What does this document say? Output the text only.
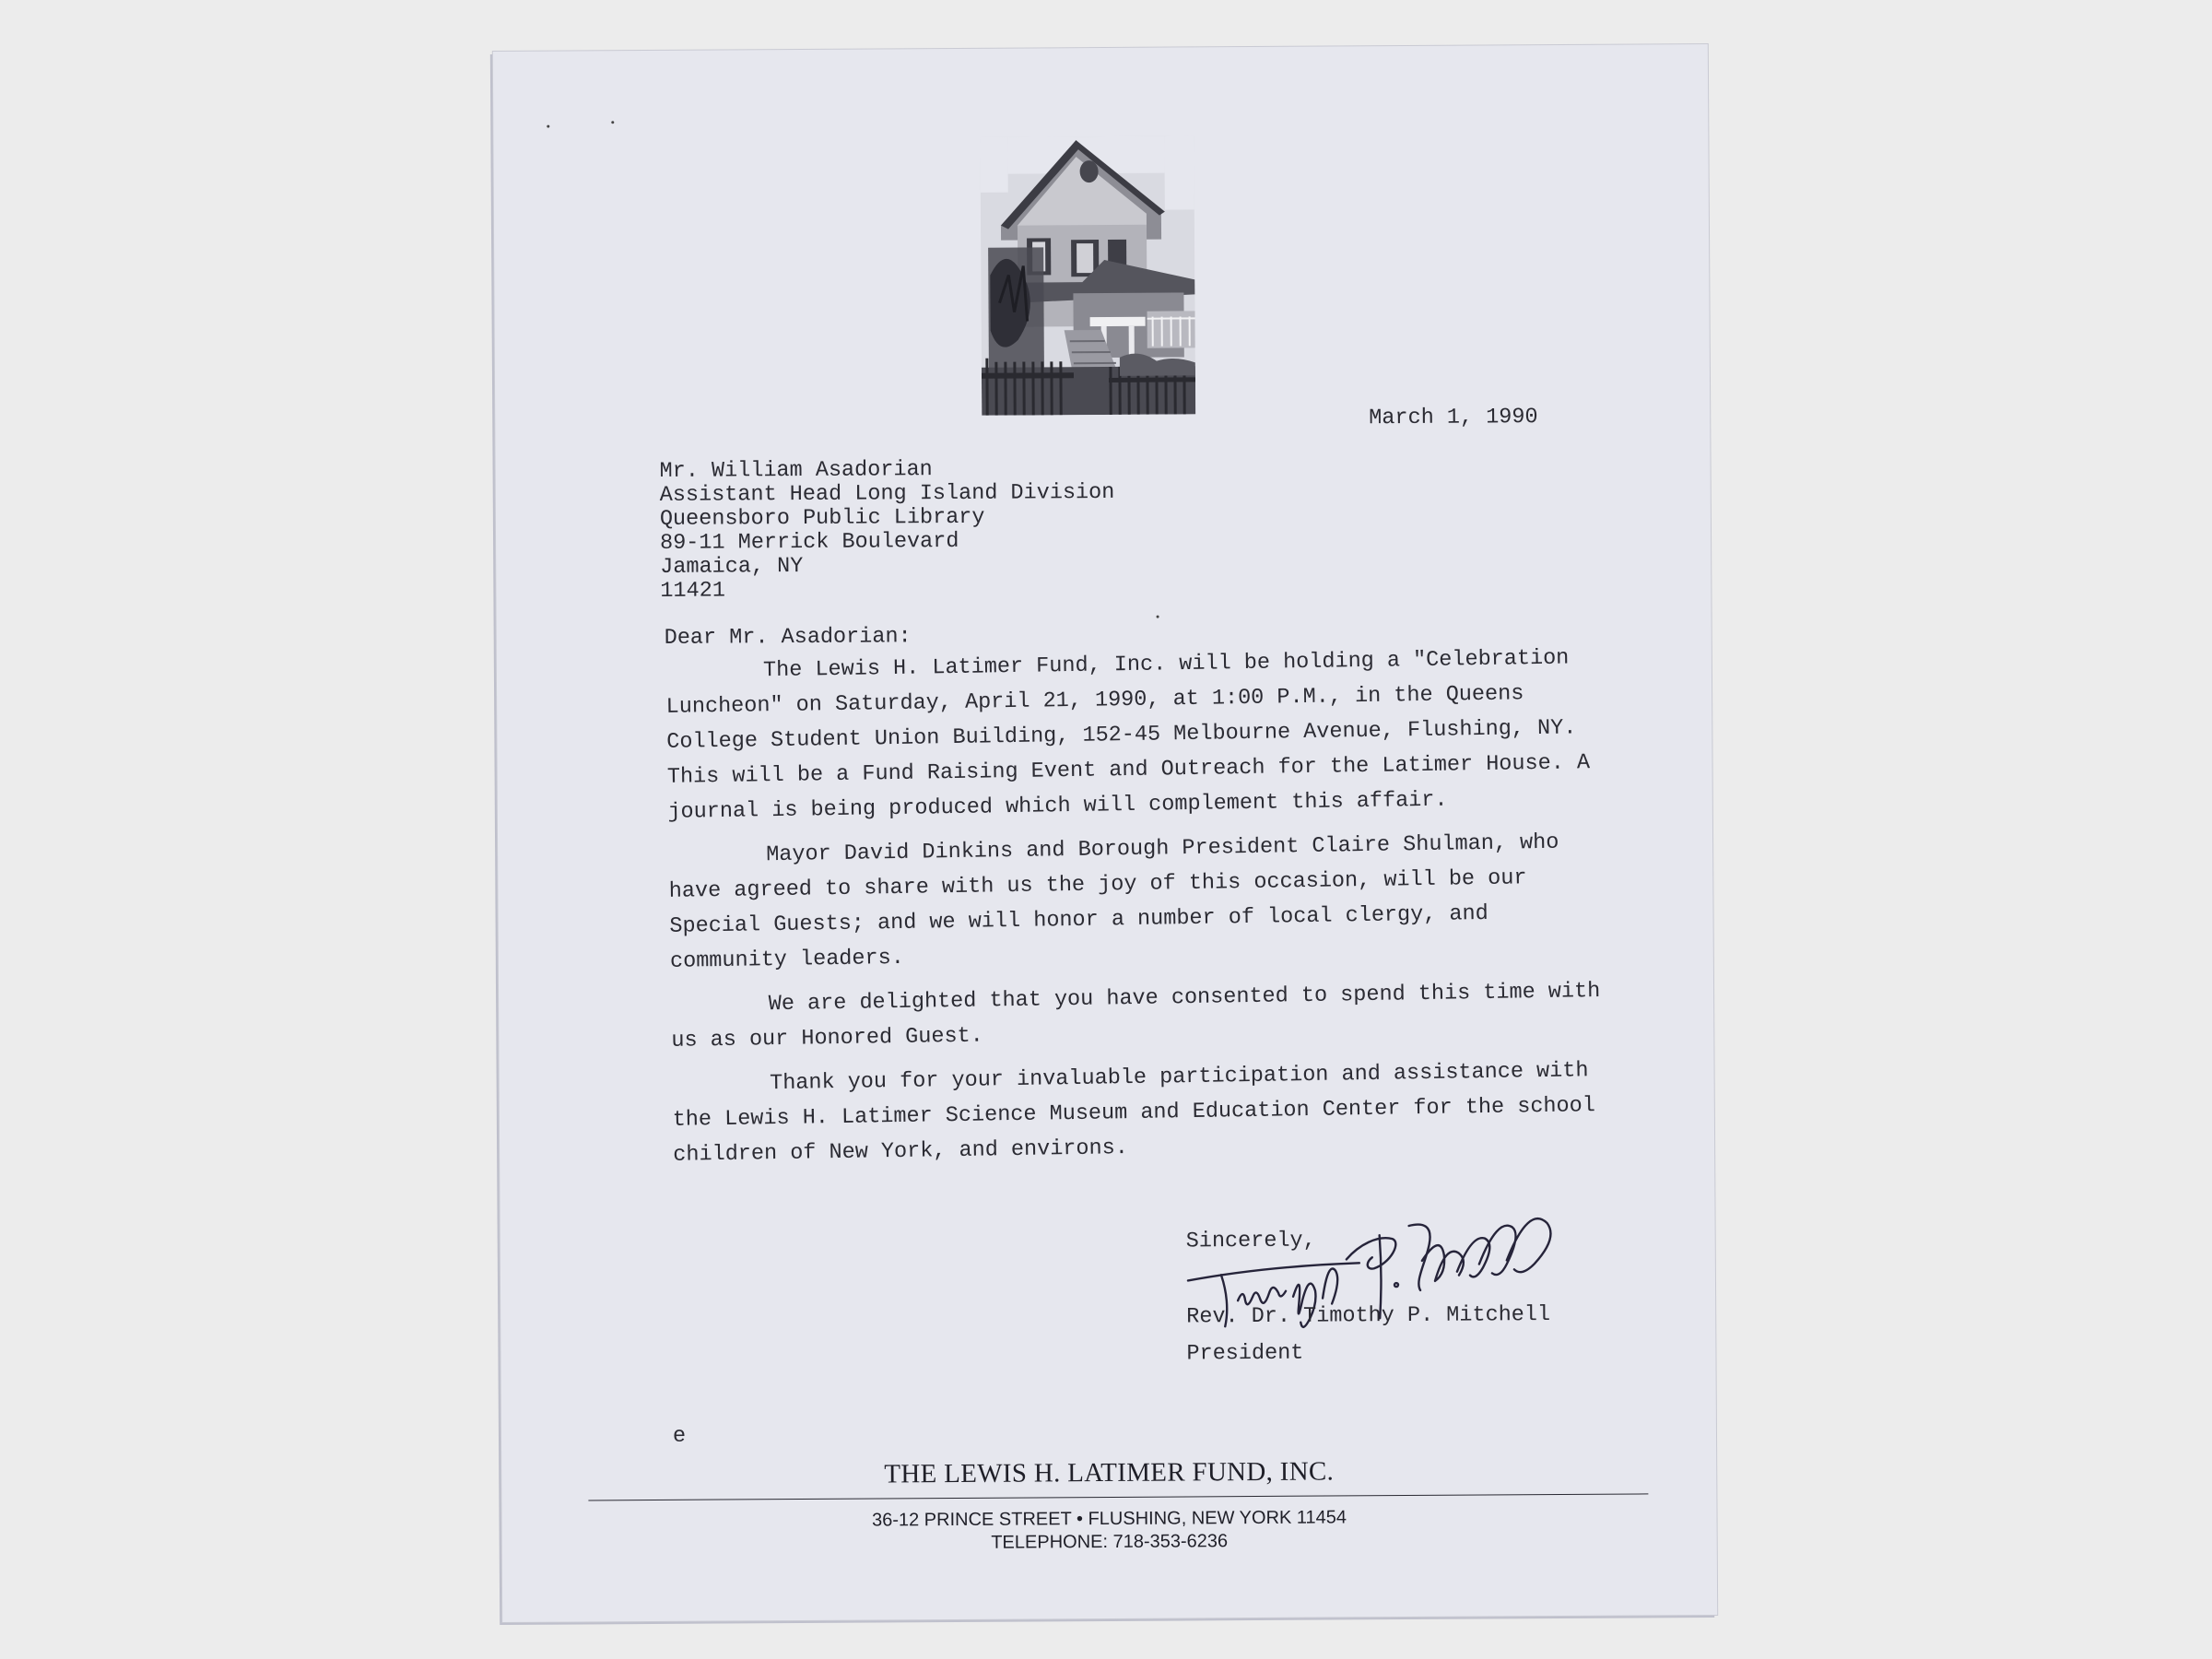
March 1, 1990
Mr. William Asadorian
Assistant Head Long Island Division
Queensboro Public Library
89-11 Merrick Boulevard
Jamaica, NY
11421
Dear Mr. Asadorian:

The Lewis H. Latimer Fund, Inc. will be holding a "Celebration Luncheon" on Saturday, April 21, 1990, at 1:00 P.M., in the Queens College Student Union Building, 152-45 Melbourne Avenue, Flushing, NY. This will be a Fund Raising Event and Outreach for the Latimer House. A journal is being produced which will complement this affair.

Mayor David Dinkins and Borough President Claire Shulman, who have agreed to share with us the joy of this occasion, will be our Special Guests; and we will honor a number of local clergy, and community leaders.

We are delighted that you have consented to spend this time with us as our Honored Guest.

Thank you for your invaluable participation and assistance with the Lewis H. Latimer Science Museum and Education Center for the school children of New York, and environs.

Sincerely,
Rev. Dr. Timothy P. Mitchell
President
e
THE LEWIS H. LATIMER FUND, INC.
36-12 PRINCE STREET • FLUSHING, NEW YORK 11454
TELEPHONE: 718-353-6236
